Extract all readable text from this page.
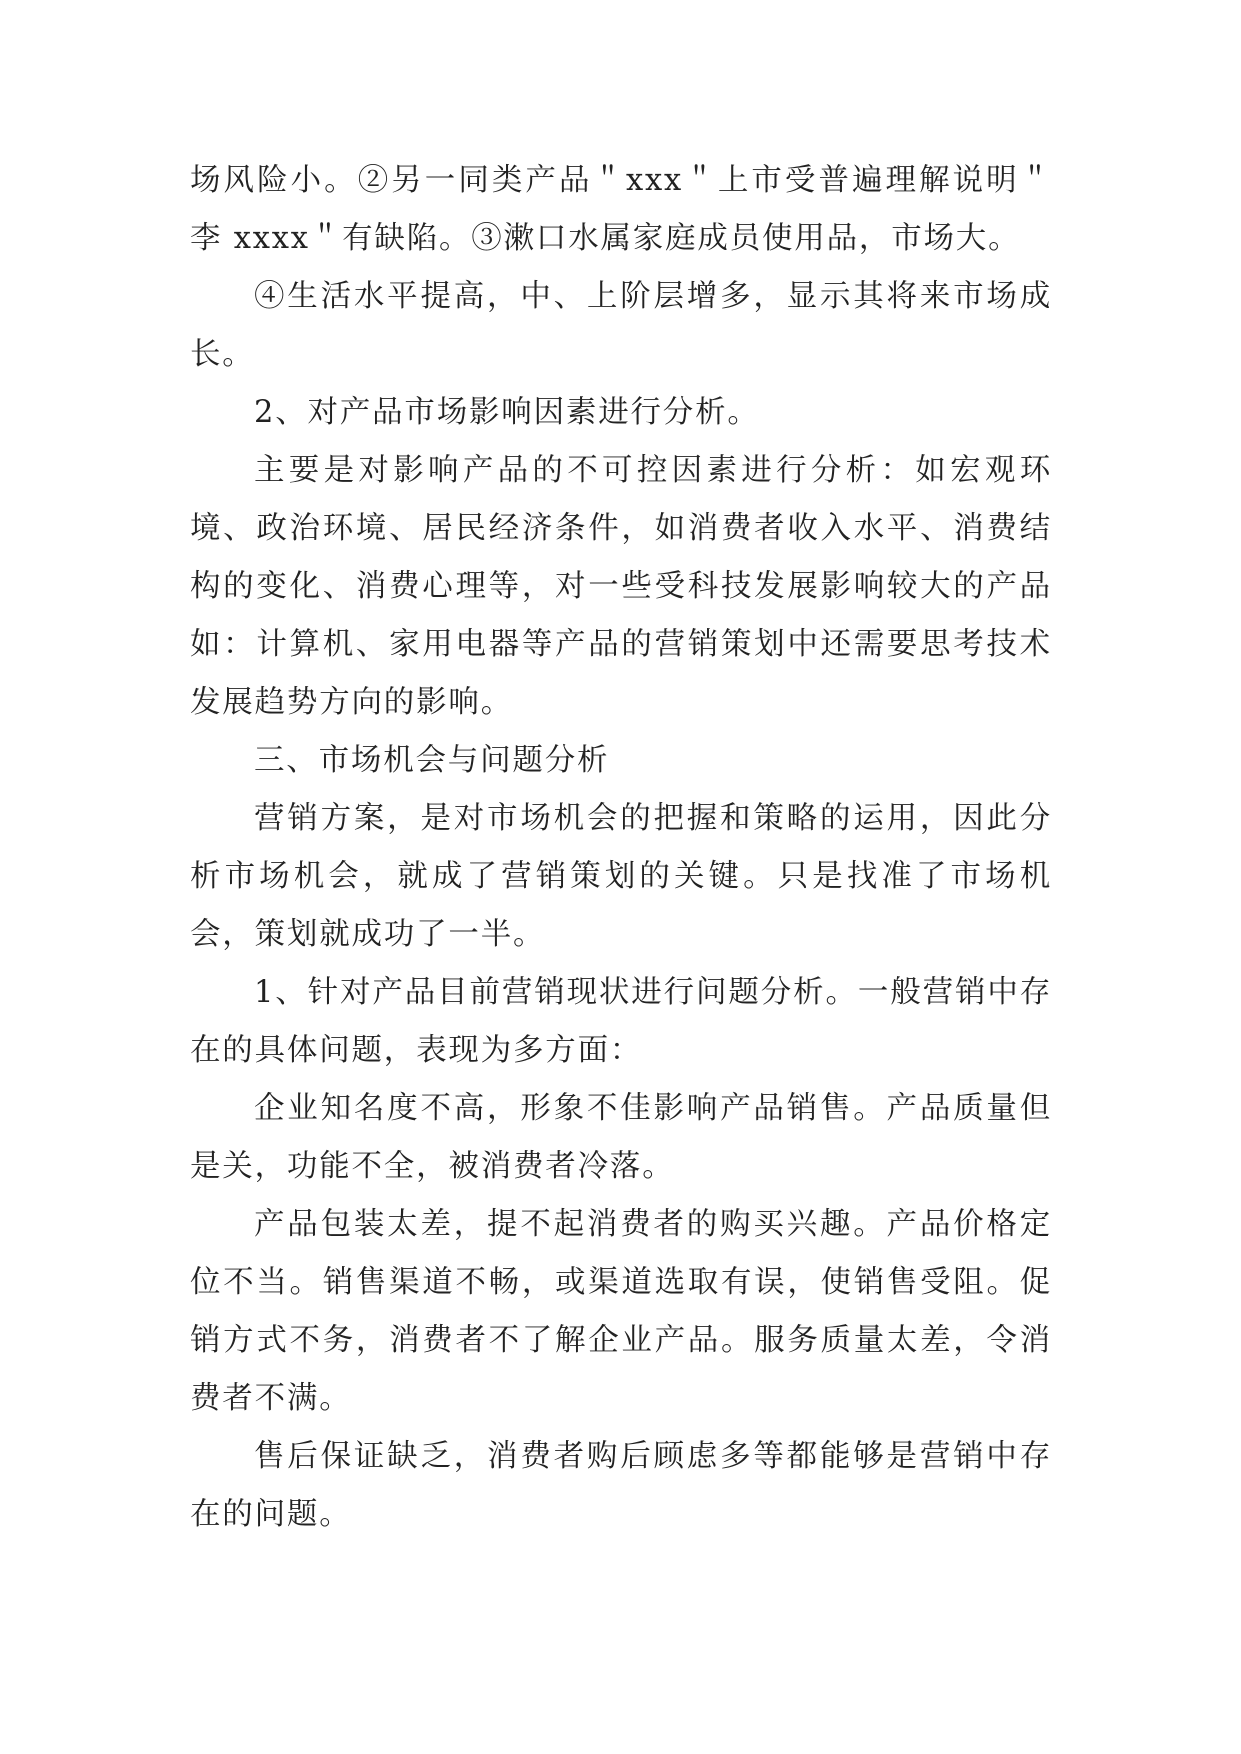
场风险小。②另一同类产品＂xxx＂上市受普遍理解说明＂李 xxxx＂有缺陷。③漱口水属家庭成员使用品，市场大。

④生活水平提高，中、上阶层增多，显示其将来市场成长。

2、对产品市场影响因素进行分析。

主要是对影响产品的不可控因素进行分析：如宏观环境、政治环境、居民经济条件，如消费者收入水平、消费结构的变化、消费心理等，对一些受科技发展影响较大的产品如：计算机、家用电器等产品的营销策划中还需要思考技术发展趋势方向的影响。

三、市场机会与问题分析

营销方案，是对市场机会的把握和策略的运用，因此分析市场机会，就成了营销策划的关键。只是找准了市场机会，策划就成功了一半。

1、针对产品目前营销现状进行问题分析。一般营销中存在的具体问题，表现为多方面：

企业知名度不高，形象不佳影响产品销售。产品质量但是关，功能不全，被消费者冷落。

产品包装太差，提不起消费者的购买兴趣。产品价格定位不当。销售渠道不畅，或渠道选取有误，使销售受阻。促销方式不务，消费者不了解企业产品。服务质量太差，令消费者不满。

售后保证缺乏，消费者购后顾虑多等都能够是营销中存在的问题。
